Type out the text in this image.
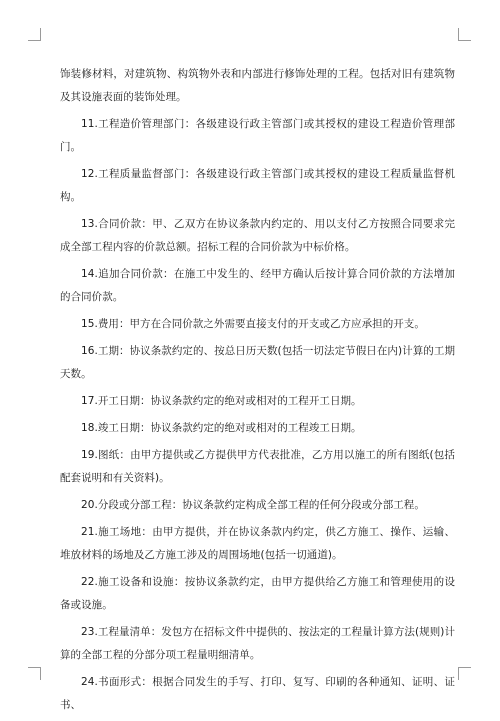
饰装修材料，对建筑物、构筑物外表和内部进行修饰处理的工程。包括对旧有建筑物及其设施表面的装饰处理。

11.工程造价管理部门：各级建设行政主管部门或其授权的建设工程造价管理部门。

12.工程质量监督部门：各级建设行政主管部门或其授权的建设工程质量监督机构。

13.合同价款：甲、乙双方在协议条款内约定的、用以支付乙方按照合同要求完成全部工程内容的价款总额。招标工程的合同价款为中标价格。

14.追加合同价款：在施工中发生的、经甲方确认后按计算合同价款的方法增加的合同价款。

15.费用：甲方在合同价款之外需要直接支付的开支或乙方应承担的开支。

16.工期：协议条款约定的、按总日历天数(包括一切法定节假日在内)计算的工期天数。

17.开工日期：协议条款约定的绝对或相对的工程开工日期。

18.竣工日期：协议条款约定的绝对或相对的工程竣工日期。

19.图纸：由甲方提供或乙方提供甲方代表批准，乙方用以施工的所有图纸(包括配套说明和有关资料)。

20.分段或分部工程：协议条款约定构成全部工程的任何分段或分部工程。

21.施工场地：由甲方提供，并在协议条款内约定，供乙方施工、操作、运输、堆放材料的场地及乙方施工涉及的周围场地(包括一切通道)。

22.施工设备和设施：按协议条款约定，由甲方提供给乙方施工和管理使用的设备或设施。

23.工程量清单：发包方在招标文件中提供的、按法定的工程量计算方法(规则)计算的全部工程的分部分项工程量明细清单。

24.书面形式：根据合同发生的手写、打印、复写、印刷的各种通知、证明、证书、
